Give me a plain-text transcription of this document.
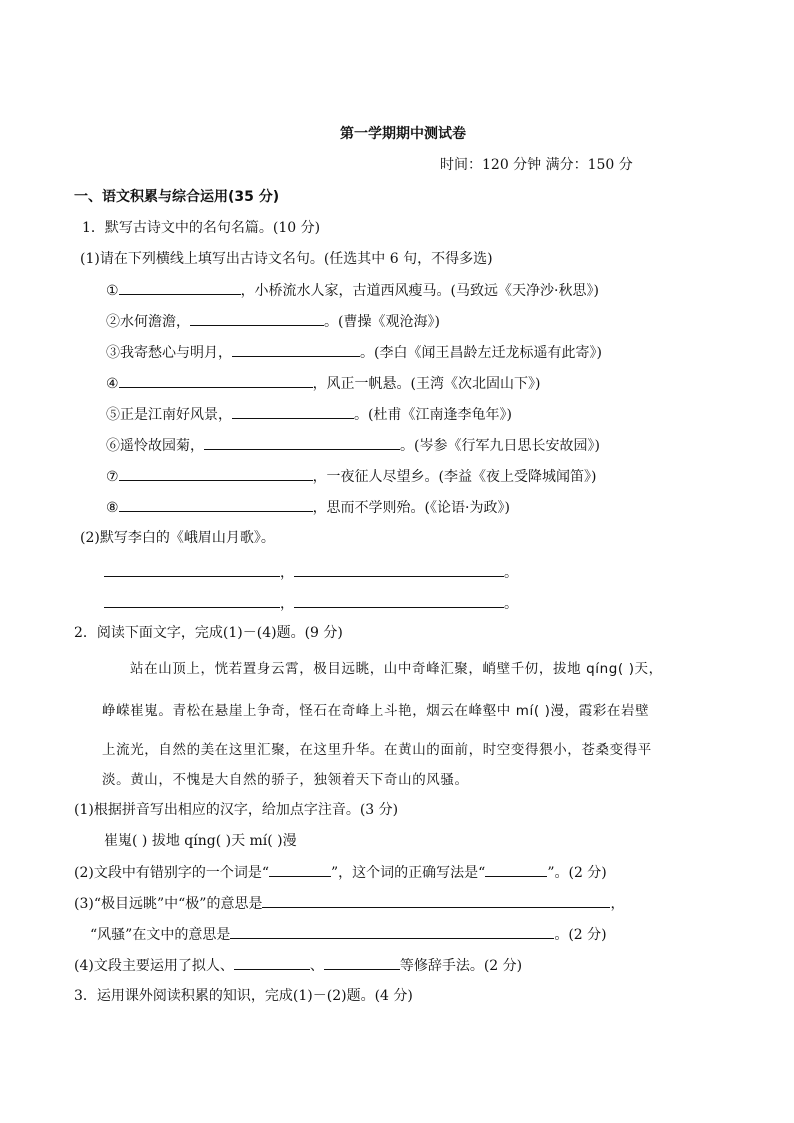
第一学期期中测试卷
时间：120 分钟 满分：150 分
一、语文积累与综合运用(35 分)
1．默写古诗文中的名句名篇。(10 分)
(1)请在下列横线上填写出古诗文名句。(任选其中 6 句，不得多选)
①	，小桥流水人家，古道西风瘦马。(马致远《天净沙·秋思》)
②水何澹澹，	。(曹操《观沧海》)
③我寄愁心与明月，	。(李白《闻王昌龄左迁龙标遥有此寄》)
④	，风正一帆悬。(王湾《次北固山下》)
⑤正是江南好风景，	。(杜甫《江南逢李龟年》)
⑥遥怜故园菊，	。(岑参《行军九日思长安故园》)
⑦	，一夜征人尽望乡。(李益《夜上受降城闻笛》)
⑧	，思而不学则殆。(《论语·为政》)
(2)默写李白的《峨眉山月歌》。
，	。
，	。
2．阅读下面文字，完成(1)－(4)题。(9 分)
站在山顶上，恍若置身云霄，极目远眺，山中奇峰汇聚，峭壁千仞，拔地 qíng( )天，
峥嵘崔嵬。青松在悬崖上争奇，怪石在奇峰上斗艳，烟云在峰壑中 mí( )漫，霞彩在岩壁
上流光，自然的美在这里汇聚，在这里升华。在黄山的面前，时空变得猥小，苍桑变得平
淡。黄山，不愧是大自然的骄子，独领着天下奇山的风骚。
(1)根据拼音写出相应的汉字，给加点字注音。(3 分)
崔嵬( ) 拔地 qíng( )天 mí( )漫
(2)文段中有错别字的一个词是“	”，这个词的正确写法是“	”。(2 分)
(3)“极目远眺”中“极”的意思是	，
“风骚”在文中的意思是	。(2 分)
(4)文段主要运用了拟人、	、	等修辞手法。(2 分)
3．运用课外阅读积累的知识，完成(1)－(2)题。(4 分)
